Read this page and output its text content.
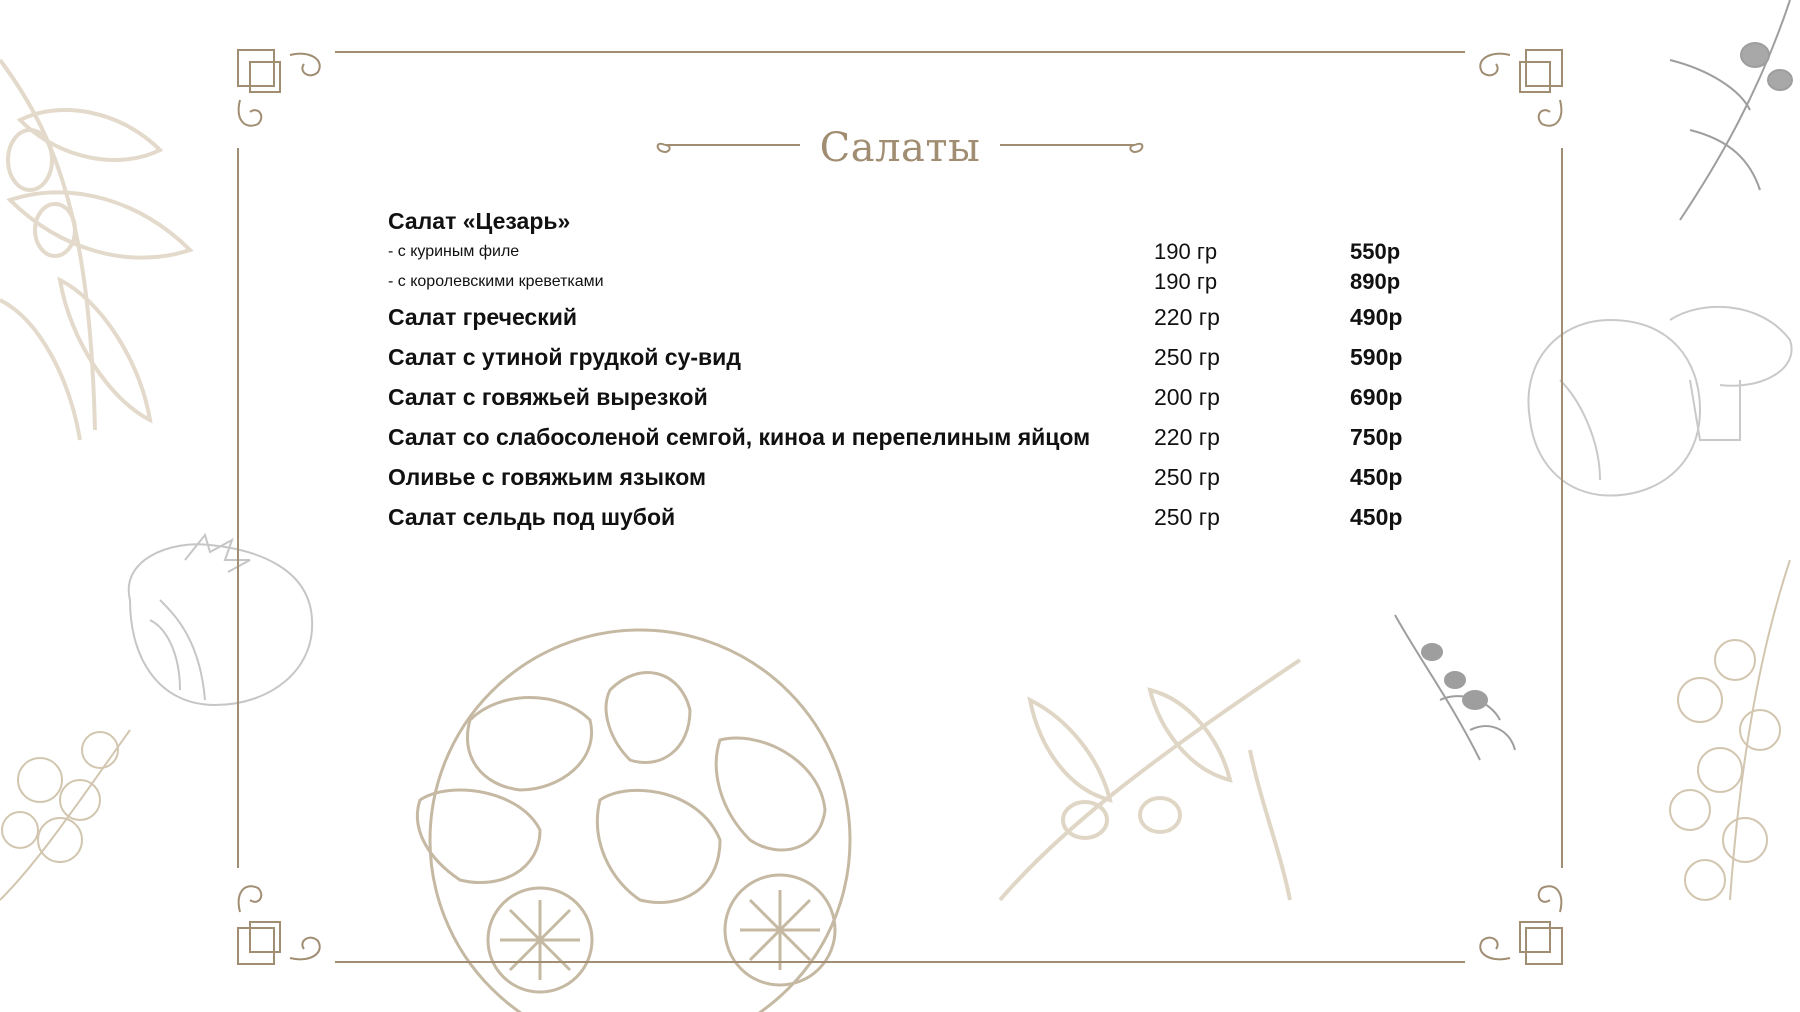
Салаты
Салат «Цезарь»
- с куриным филе	190 гр	550р
- с королевскими креветками	190 гр	890р
Салат греческий	220 гр	490р
Салат с утиной грудкой су-вид	250 гр	590р
Салат с говяжьей вырезкой	200 гр	690р
Салат со слабосоленой семгой, киноа и перепелиным яйцом	220 гр	750р
Оливье с говяжьим языком	250 гр	450р
Салат сельдь под шубой	250 гр	450р
